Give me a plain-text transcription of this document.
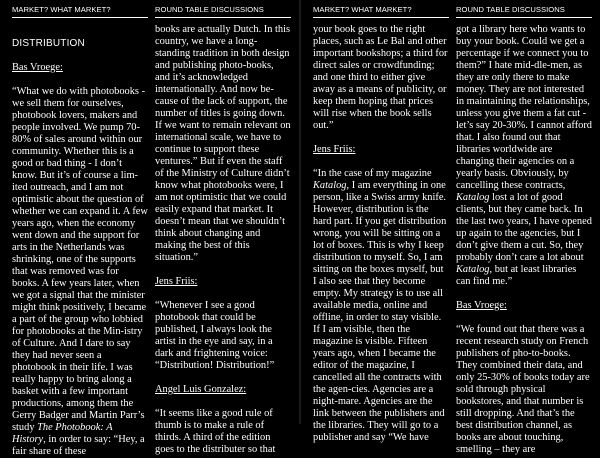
MARKET? WHAT MARKET?	ROUND TABLE DISCUSSIONS

DISTRIBUTION

Bas Vroege:

“What we do with photobooks - we sell them for ourselves, photobook lovers, makers and people involved. We pump 70-80% of sales around within our community. Whether this is a good or bad thing - I don’t know. But it’s of course a lim-ited outreach, and I am not optimistic about the question of whether we can expand it. A few years ago, when the economy went down and the support for arts in the Netherlands was shrinking, one of the supports that was removed was for books. A few years later, when we got a signal that the minister might think positively, I became a part of the group who lobbied for photobooks at the Min-istry of Culture. And I dare to say they had never seen a photobook in their life. I was really happy to bring along a basket with a few important productions, among them the Gerry Badger and Martin Parr’s study The Photobook: A History, in order to say: “Hey, a fair share of these

books are actually Dutch. In this country, we have a long-standing tradition in both design and publishing photo-books, and it’s acknowledged internationally. And now be-cause of the lack of support, the number of titles is going down. If we want to remain relevant on international scale, we have to continue to support these ventures.” But if even the staff of the Ministry of Culture didn’t know what photobooks were, I am not optimistic that we could easily expand that market. It doesn’t mean that we shouldn’t think about changing and making the best of this situation.”

Jens Friis:

“Whenever I see a good photobook that could be published, I always look the artist in the eye and say, in a dark and frightening voice: “Distribution! Distribution!”

Angel Luis Gonzalez:

“It seems like a good rule of thumb is to make a rule of thirds. A third of the edition goes to the distributer so that

MARKET? WHAT MARKET?	ROUND TABLE DISCUSSIONS

your book goes to the right places, such as Le Bal and other important bookshops; a third for direct sales or crowdfunding; and one third to either give away as a means of publicity, or keep them hoping that prices will rise when the book sells out.”

Jens Friis:

“In the case of my magazine Katalog, I am everything in one person, like a Swiss army knife. However, distribution is the hard part. If you get distribution wrong, you will be sitting on a lot of boxes. This is why I keep distribution to myself. So, I am sitting on the boxes myself, but I also see that they become empty. My strategy is to use all available media, online and offline, in order to stay visible. If I am visible, then the magazine is visible. Fifteen years ago, when I became the editor of the magazine, I cancelled all the contracts with the agen-cies. Agencies are a night-mare. Agencies are the link between the publishers and the libraries. They will go to a publisher and say “We have

got a library here who wants to buy your book. Could we get a percentage if we connect you to them?” I hate mid-dle-men, as they are only there to make money. They are not interested in maintaining the relationships, unless you give them a fat cut - let’s say 20-30%. I cannot afford that. I also found out that libraries worldwide are changing their agencies on a yearly basis. Obviously, by cancelling these contracts, Katalog lost a lot of good clients, but they came back. In the last two years, I have opened up again to the agencies, but I don’t give them a cut. So, they probably don’t care a lot about Katalog, but at least libraries can find me.”

Bas Vroege:

“We found out that there was a recent research study on French publishers of pho-to-books. They combined their data, and only 25-30% of books today are sold through physical bookstores, and that number is still dropping. And that’s the best distribution channel, as books are about touching, smelling – they are
